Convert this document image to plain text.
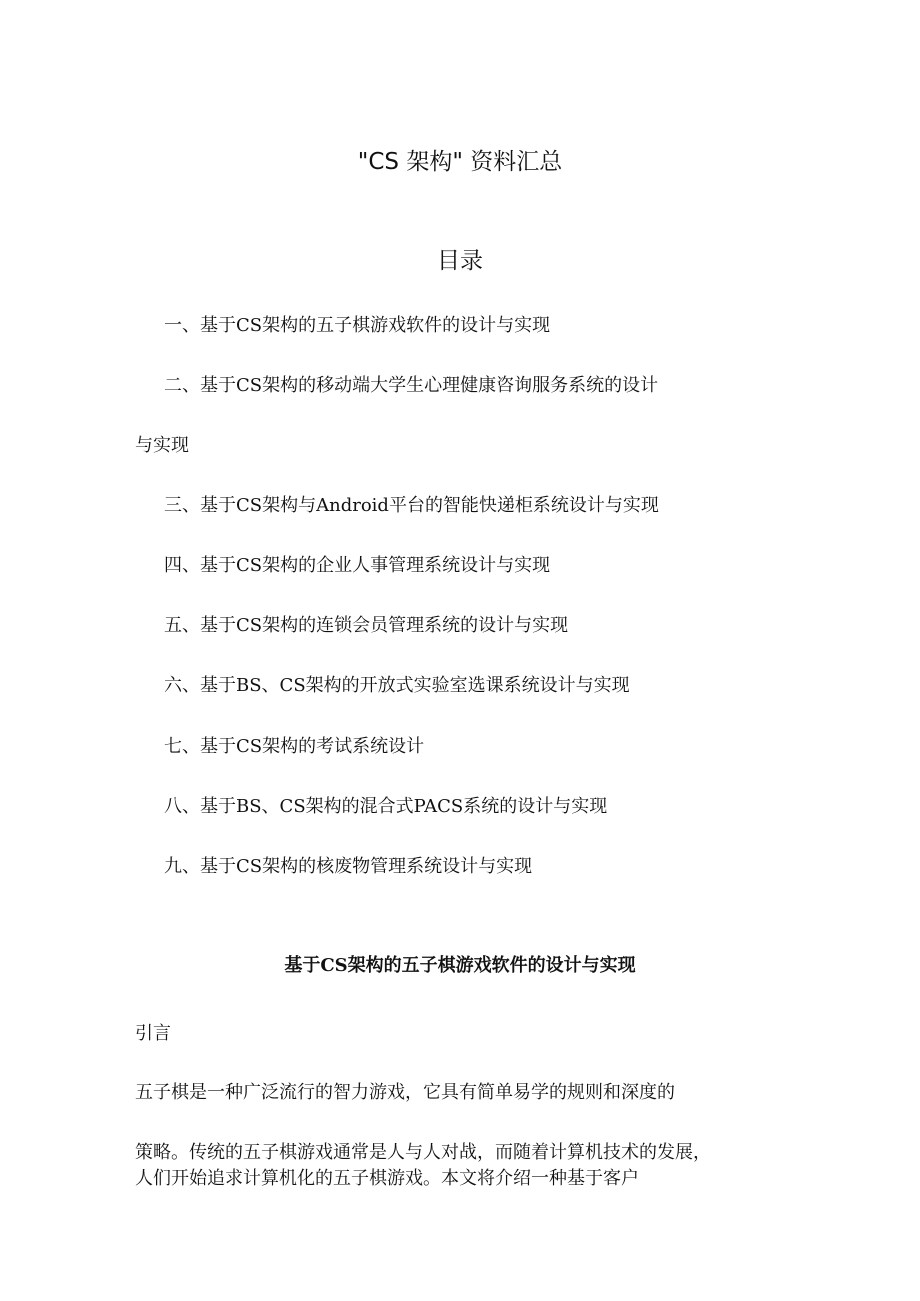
"CS 架构" 资料汇总
目录
一、基于CS架构的五子棋游戏软件的设计与实现
二、基于CS架构的移动端大学生心理健康咨询服务系统的设计
与实现
三、基于CS架构与Android平台的智能快递柜系统设计与实现
四、基于CS架构的企业人事管理系统设计与实现
五、基于CS架构的连锁会员管理系统的设计与实现
六、基于BS、CS架构的开放式实验室选课系统设计与实现
七、基于CS架构的考试系统设计
八、基于BS、CS架构的混合式PACS系统的设计与实现
九、基于CS架构的核废物管理系统设计与实现
基于CS架构的五子棋游戏软件的设计与实现
引言
五子棋是一种广泛流行的智力游戏，它具有简单易学的规则和深度的
策略。传统的五子棋游戏通常是人与人对战，而随着计算机技术的发展，
人们开始追求计算机化的五子棋游戏。本文将介绍一种基于客户
